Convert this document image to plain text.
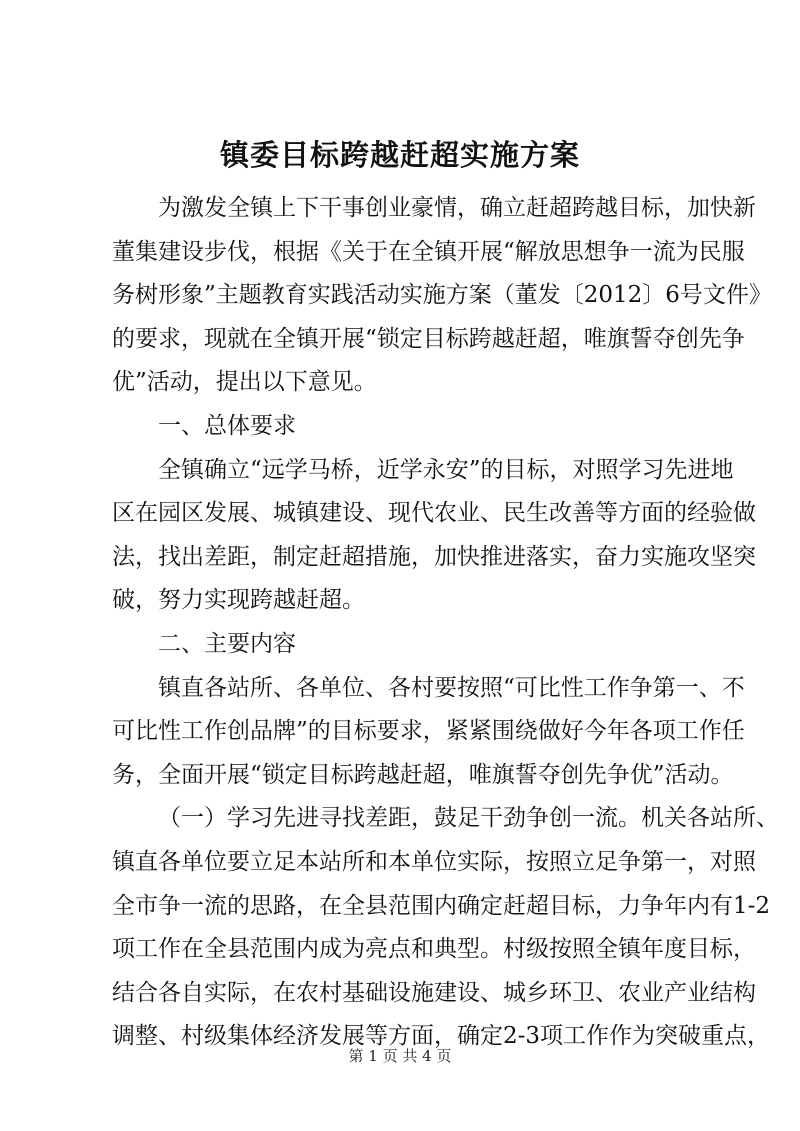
镇委目标跨越赶超实施方案
为激发全镇上下干事创业豪情，确立赶超跨越目标，加快新
董集建设步伐，根据《关于在全镇开展“解放思想争一流为民服
务树形象”主题教育实践活动实施方案（董发〔2012〕6号文件》
的要求，现就在全镇开展“锁定目标跨越赶超，唯旗誓夺创先争
优”活动，提出以下意见。
一、总体要求
全镇确立“远学马桥，近学永安”的目标，对照学习先进地
区在园区发展、城镇建设、现代农业、民生改善等方面的经验做
法，找出差距，制定赶超措施，加快推进落实，奋力实施攻坚突
破，努力实现跨越赶超。
二、主要内容
镇直各站所、各单位、各村要按照“可比性工作争第一、不
可比性工作创品牌”的目标要求，紧紧围绕做好今年各项工作任
务，全面开展“锁定目标跨越赶超，唯旗誓夺创先争优”活动。
（一）学习先进寻找差距，鼓足干劲争创一流。机关各站所、
镇直各单位要立足本站所和本单位实际，按照立足争第一，对照
全市争一流的思路，在全县范围内确定赶超目标，力争年内有1-2
项工作在全县范围内成为亮点和典型。村级按照全镇年度目标，
结合各自实际，在农村基础设施建设、城乡环卫、农业产业结构
调整、村级集体经济发展等方面，确定2-3项工作作为突破重点，
第 1 页 共 4 页
